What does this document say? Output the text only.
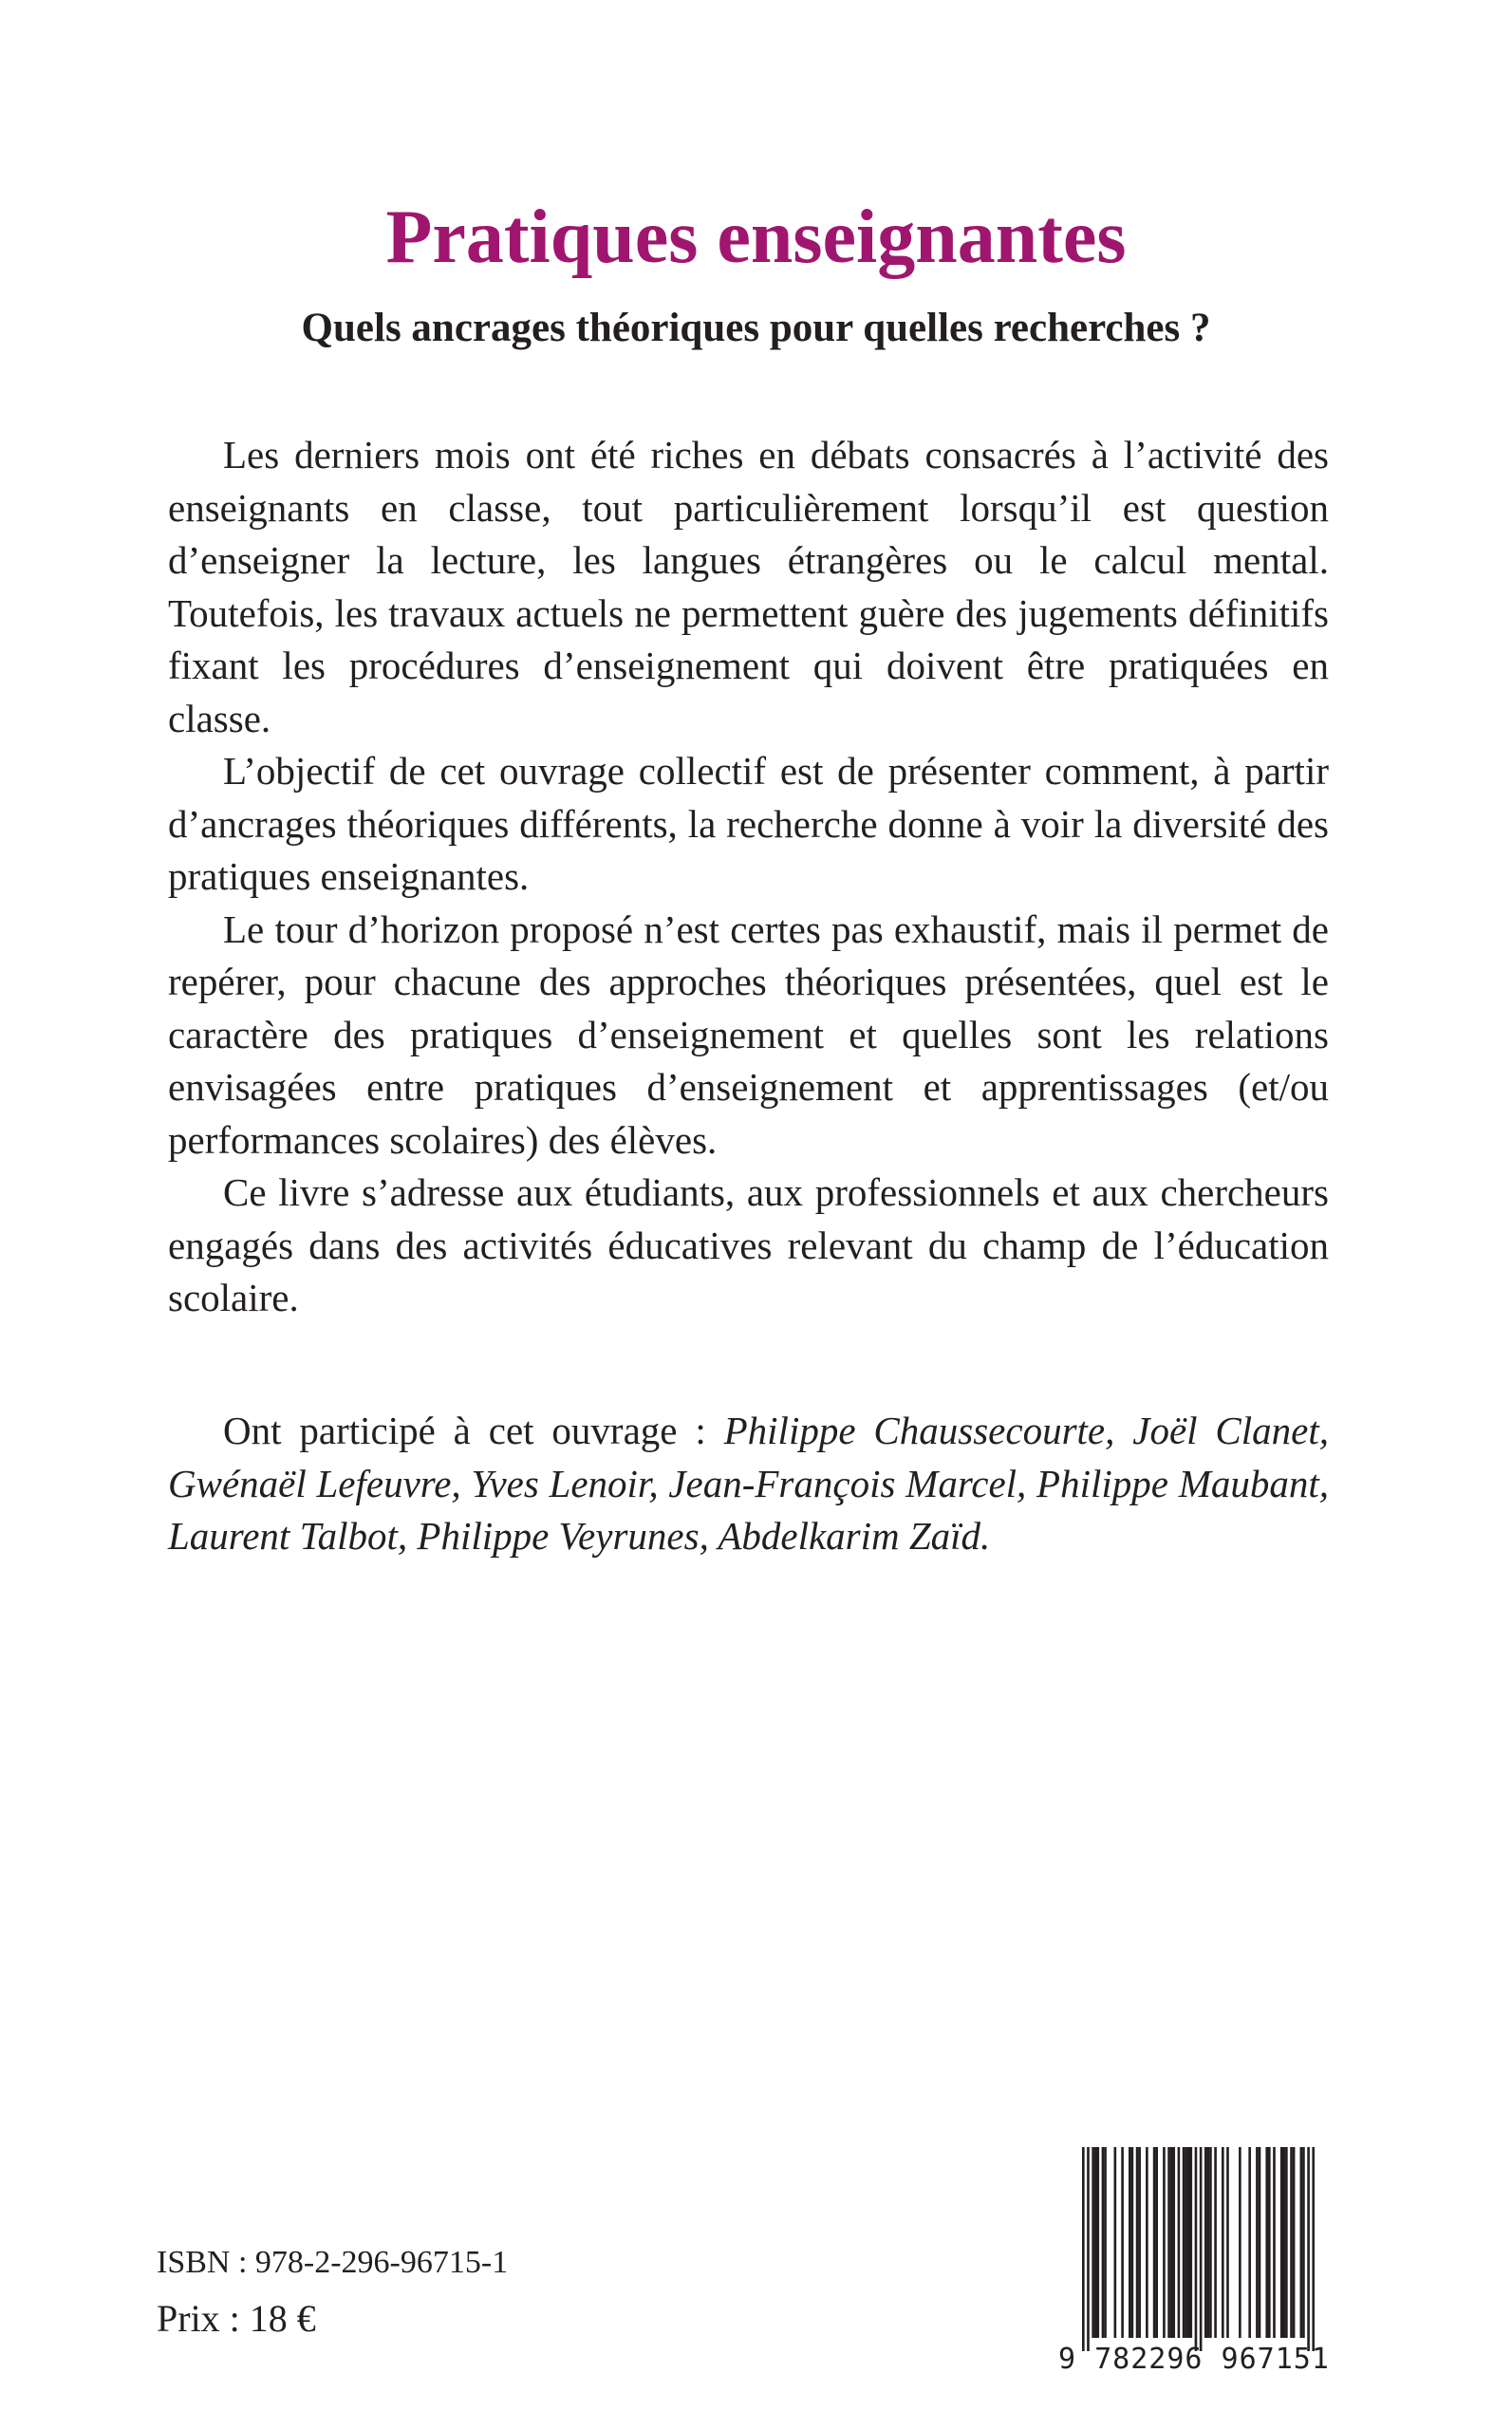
Pratiques enseignantes
Quels ancrages théoriques pour quelles recherches ?

Les derniers mois ont été riches en débats consacrés à l’activité des enseignants en classe, tout particulièrement lorsqu’il est question d’enseigner la lecture, les langues étrangères ou le calcul mental. Toutefois, les travaux actuels ne permettent guère des jugements définitifs fixant les procédures d’enseignement qui doivent être pratiquées en classe.

L’objectif de cet ouvrage collectif est de présenter comment, à partir d’ancrages théoriques différents, la recherche donne à voir la diversité des pratiques enseignantes.

Le tour d’horizon proposé n’est certes pas exhaustif, mais il permet de repérer, pour chacune des approches théoriques présentées, quel est le caractère des pratiques d’enseignement et quelles sont les relations envisagées entre pratiques d’enseignement et apprentissages (et/ou performances scolaires) des élèves.

Ce livre s’adresse aux étudiants, aux professionnels et aux chercheurs engagés dans des activités éducatives relevant du champ de l’éducation scolaire.

Ont participé à cet ouvrage : Philippe Chaussecourte, Joël Clanet, Gwénaël Lefeuvre, Yves Lenoir, Jean-François Marcel, Philippe Maubant, Laurent Talbot, Philippe Veyrunes, Abdelkarim Zaïd.

ISBN : 978-2-296-96715-1

Prix : 18 €

9 782296 967151
